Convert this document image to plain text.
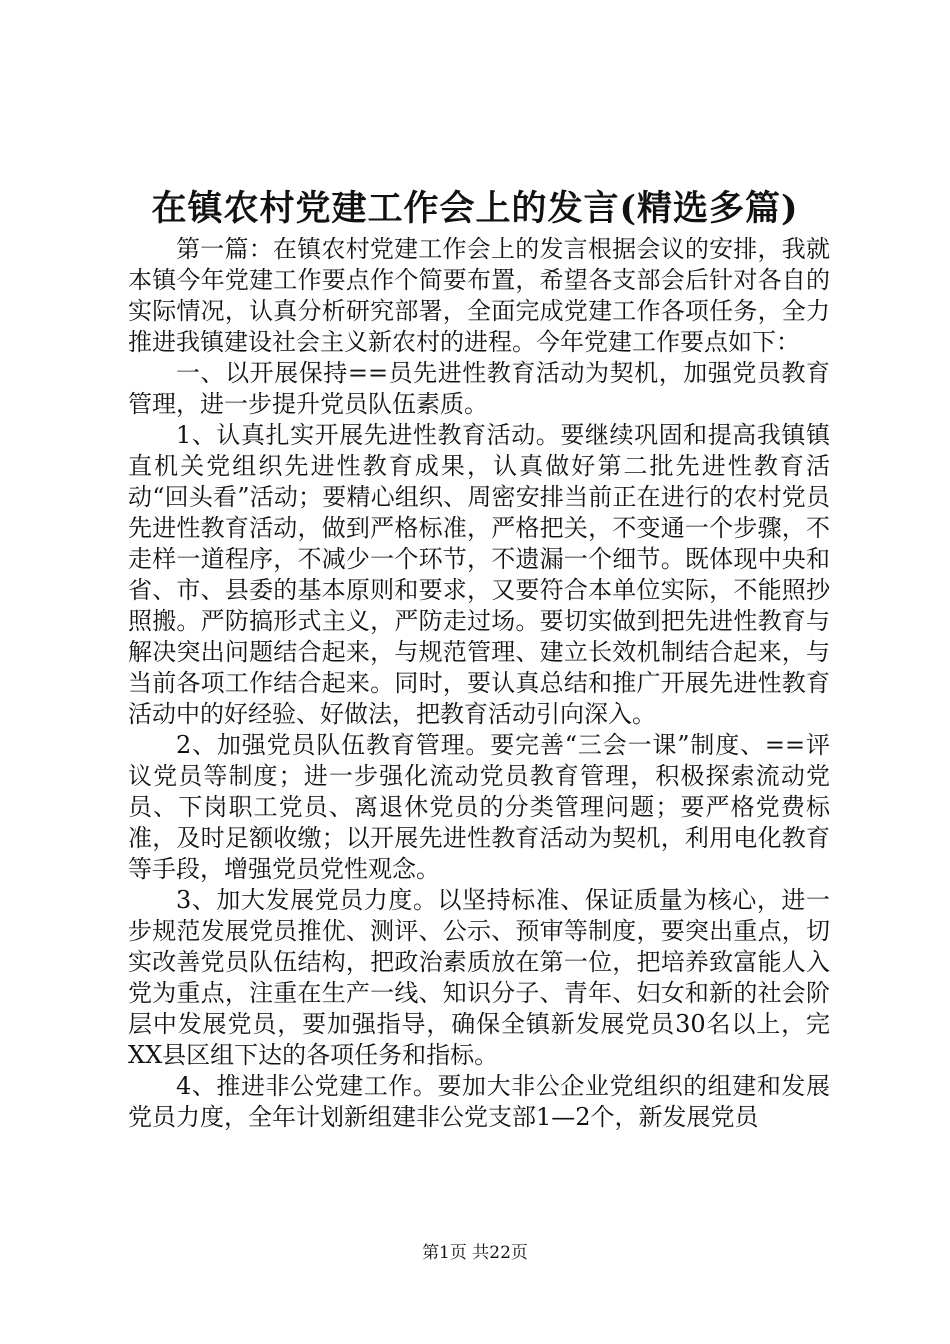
在镇农村党建工作会上的发言(精选多篇)

第一篇：在镇农村党建工作会上的发言根据会议的安排，我就本镇今年党建工作要点作个简要布置，希望各支部会后针对各自的实际情况，认真分析研究部署，全面完成党建工作各项任务，全力推进我镇建设社会主义新农村的进程。今年党建工作要点如下：

一、以开展保持==员先进性教育活动为契机，加强党员教育管理，进一步提升党员队伍素质。

1、认真扎实开展先进性教育活动。要继续巩固和提高我镇镇直机关党组织先进性教育成果，认真做好第二批先进性教育活动“回头看”活动；要精心组织、周密安排当前正在进行的农村党员先进性教育活动，做到严格标准，严格把关，不变通一个步骤，不走样一道程序，不减少一个环节，不遗漏一个细节。既体现中央和省、市、县委的基本原则和要求，又要符合本单位实际，不能照抄照搬。严防搞形式主义，严防走过场。要切实做到把先进性教育与解决突出问题结合起来，与规范管理、建立长效机制结合起来，与当前各项工作结合起来。同时，要认真总结和推广开展先进性教育活动中的好经验、好做法，把教育活动引向深入。

2、加强党员队伍教育管理。要完善“三会一课”制度、==评议党员等制度；进一步强化流动党员教育管理，积极探索流动党员、下岗职工党员、离退休党员的分类管理问题；要严格党费标准，及时足额收缴；以开展先进性教育活动为契机，利用电化教育等手段，增强党员党性观念。

3、加大发展党员力度。以坚持标准、保证质量为核心，进一步规范发展党员推优、测评、公示、预审等制度，要突出重点，切实改善党员队伍结构，把政治素质放在第一位，把培养致富能人入党为重点，注重在生产一线、知识分子、青年、妇女和新的社会阶层中发展党员，要加强指导，确保全镇新发展党员30名以上，完XX县区组下达的各项任务和指标。

4、推进非公党建工作。要加大非公企业党组织的组建和发展党员力度，全年计划新组建非公党支部1—2个，新发展党员

第1页 共22页
